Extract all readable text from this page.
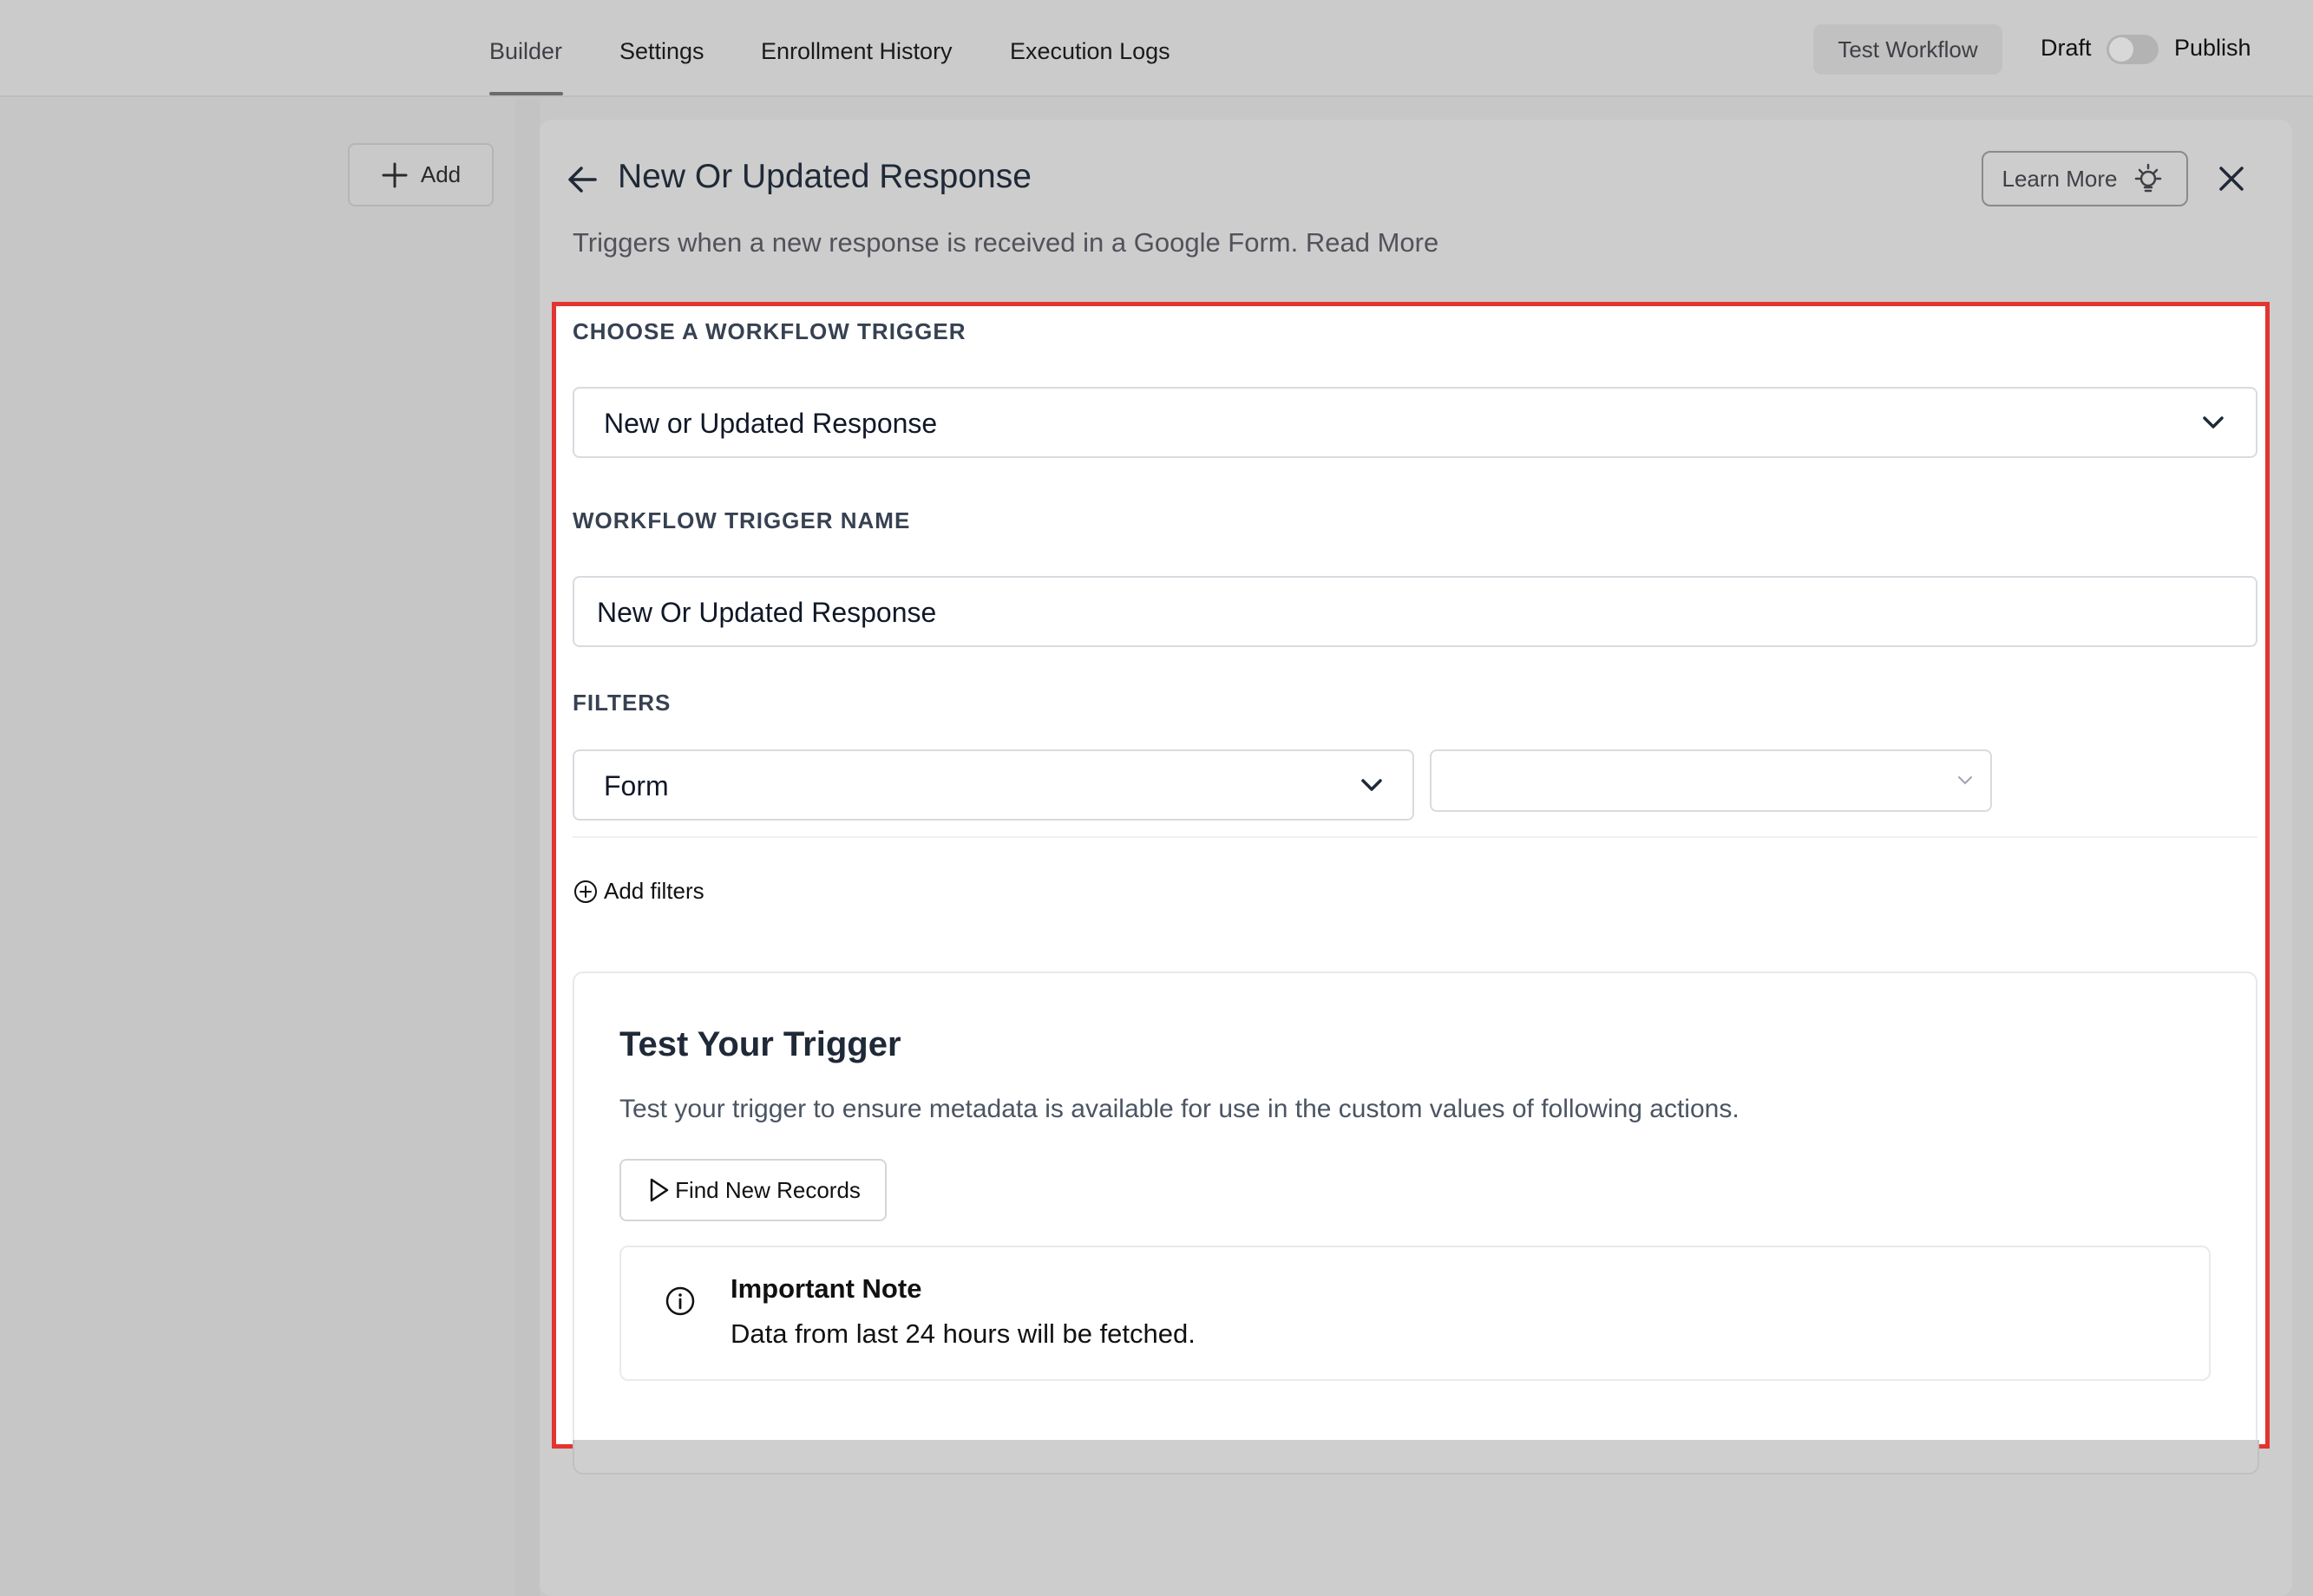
Builder Settings Enrollment History Execution Logs	Test Workflow	Draft	Publish
Add	New Or Updated Response
Triggers when a new response is received in a Google Form. Read More
Learn More
CHOOSE A WORKFLOW TRIGGER
New or Updated Response
WORKFLOW TRIGGER NAME
New Or Updated Response
FILTERS
Form
Add filters
Test Your Trigger
Test your trigger to ensure metadata is available for use in the custom values of following actions.
Find New Records
Important Note
Data from last 24 hours will be fetched.
